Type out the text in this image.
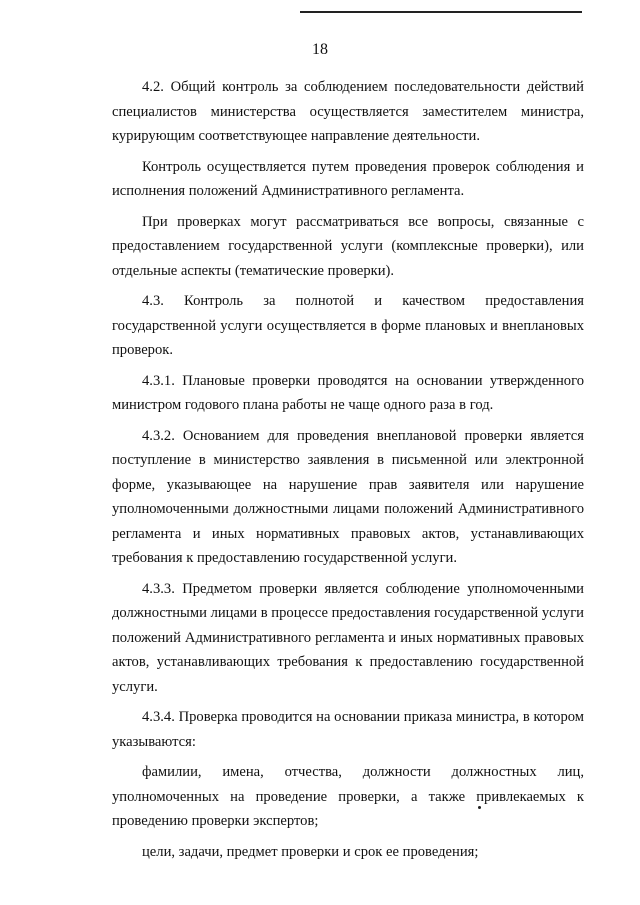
18

4.2. Общий контроль за соблюдением последовательности действий
специалистов министерства осуществляется заместителем министра,
курирующим соответствующее направление деятельности.

Контроль осуществляется путем проведения проверок соблюдения и
исполнения положений Административного регламента.

При проверках могут рассматриваться все вопросы, связанные с
предоставлением государственной услуги (комплексные проверки), или
отдельные аспекты (тематические проверки).

4.3. Контроль за полнотой и качеством предоставления
государственной услуги осуществляется в форме плановых и внеплановых
проверок.

4.3.1. Плановые проверки проводятся на основании утвержденного
министром годового плана работы не чаще одного раза в год.

4.3.2. Основанием для проведения внеплановой проверки является
поступление в министерство заявления в письменной или электронной
форме, указывающее на нарушение прав заявителя или нарушение
уполномоченными должностными лицами положений Административного
регламента и иных нормативных правовых актов, устанавливающих
требования к предоставлению государственной услуги.

4.3.3. Предметом проверки является соблюдение уполномоченными
должностными лицами в процессе предоставления государственной услуги
положений Административного регламента и иных нормативных правовых
актов, устанавливающих требования к предоставлению государственной
услуги.

4.3.4. Проверка проводится на основании приказа министра, в котором
указываются:

фамилии, имена, отчества, должности должностных лиц,
уполномоченных на проведение проверки, а также привлекаемых к
проведению проверки экспертов;

цели, задачи, предмет проверки и срок ее проведения;
